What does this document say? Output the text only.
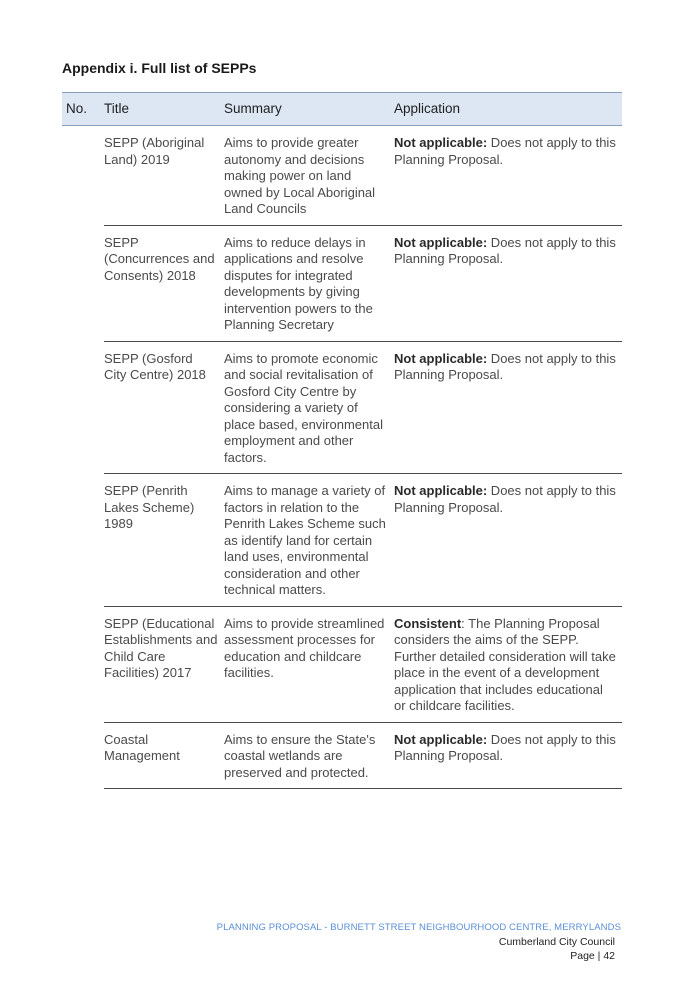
Appendix i. Full list of SEPPs
No.	Title	Summary	Application
	SEPP (Aboriginal Land) 2019	Aims to provide greater autonomy and decisions making power on land owned by Local Aboriginal Land Councils	Not applicable: Does not apply to this Planning Proposal.
	SEPP (Concurrences and Consents) 2018	Aims to reduce delays in applications and resolve disputes for integrated developments by giving intervention powers to the Planning Secretary	Not applicable: Does not apply to this Planning Proposal.
	SEPP (Gosford City Centre) 2018	Aims to promote economic and social revitalisation of Gosford City Centre by considering a variety of place based, environmental employment and other factors.	Not applicable: Does not apply to this Planning Proposal.
	SEPP (Penrith Lakes Scheme) 1989	Aims to manage a variety of factors in relation to the Penrith Lakes Scheme such as identify land for certain land uses, environmental consideration and other technical matters.	Not applicable: Does not apply to this Planning Proposal.
	SEPP (Educational Establishments and Child Care Facilities) 2017	Aims to provide streamlined assessment processes for education and childcare facilities.	Consistent: The Planning Proposal considers the aims of the SEPP. Further detailed consideration will take place in the event of a development application that includes educational or childcare facilities.
	Coastal Management	Aims to ensure the State's coastal wetlands are preserved and protected.	Not applicable: Does not apply to this Planning Proposal.
PLANNING PROPOSAL - BURNETT STREET NEIGHBOURHOOD CENTRE, MERRYLANDS
Cumberland City Council
Page | 42
